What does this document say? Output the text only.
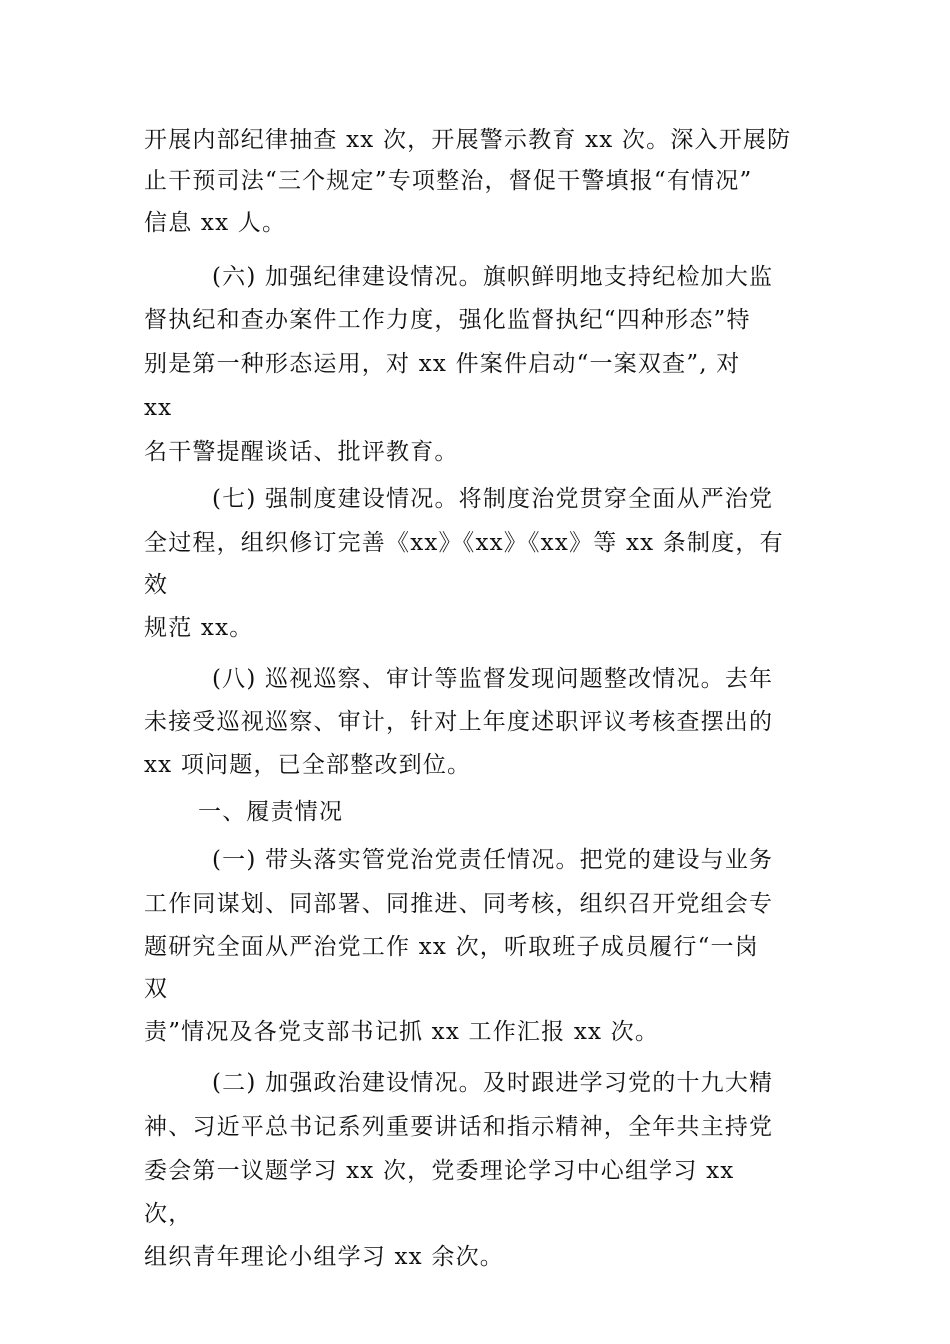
开展内部纪律抽查 xx 次，开展警示教育 xx 次。深入开展防
止干预司法“三个规定”专项整治，督促干警填报“有情况”
信息 xx 人。
(六) 加强纪律建设情况。旗帜鲜明地支持纪检加大监
督执纪和查办案件工作力度，强化监督执纪“四种形态”特
别是第一种形态运用，对 xx 件案件启动“一案双查”, 对
xx
名干警提醒谈话、批评教育。
(七) 强制度建设情况。将制度治党贯穿全面从严治党
全过程，组织修订完善《xx》《xx》《xx》等 xx 条制度，有
效
规范 xx。
(八) 巡视巡察、审计等监督发现问题整改情况。去年
未接受巡视巡察、审计，针对上年度述职评议考核查摆出的
xx 项问题，已全部整改到位。
一、履责情况
(一) 带头落实管党治党责任情况。把党的建设与业务
工作同谋划、同部署、同推进、同考核，组织召开党组会专
题研究全面从严治党工作 xx 次，听取班子成员履行“一岗
双
责”情况及各党支部书记抓 xx 工作汇报 xx 次。
(二) 加强政治建设情况。及时跟进学习党的十九大精
神、习近平总书记系列重要讲话和指示精神，全年共主持党
委会第一议题学习 xx 次，党委理论学习中心组学习 xx
次，
组织青年理论小组学习 xx 余次。
